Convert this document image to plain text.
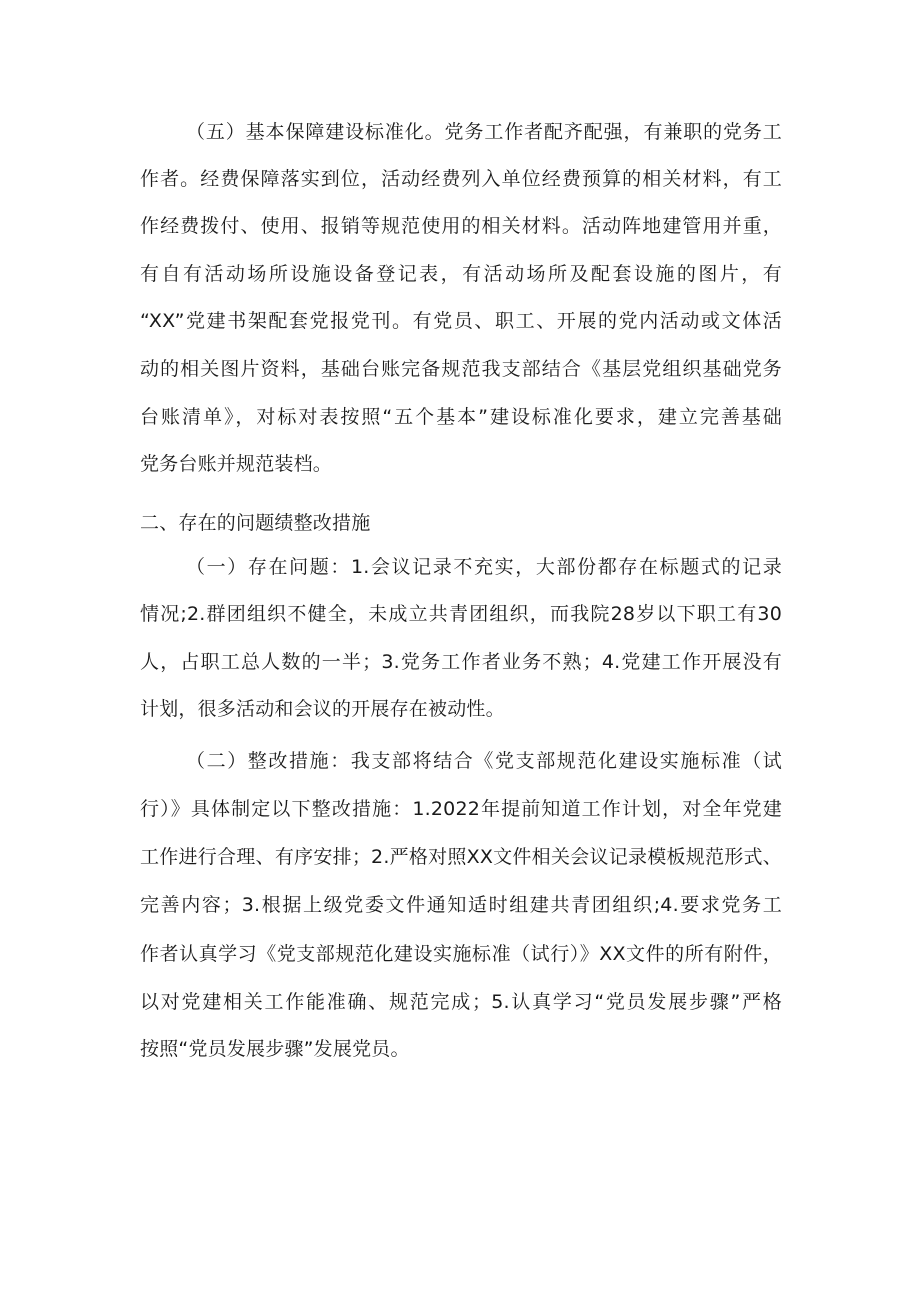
（五）基本保障建设标准化。党务工作者配齐配强，有兼职的党务工
作者。经费保障落实到位，活动经费列入单位经费预算的相关材料，有工
作经费拨付、使用、报销等规范使用的相关材料。活动阵地建管用并重，
有自有活动场所设施设备登记表，有活动场所及配套设施的图片，有
“XX”党建书架配套党报党刊。有党员、职工、开展的党内活动或文体活
动的相关图片资料，基础台账完备规范我支部结合《基层党组织基础党务
台账清单》，对标对表按照“五个基本”建设标准化要求，建立完善基础
党务台账并规范装档。
二、存在的问题绩整改措施
（一）存在问题：1.会议记录不充实，大部份都存在标题式的记录
情况;2.群团组织不健全，未成立共青团组织，而我院28岁以下职工有30
人，占职工总人数的一半；3.党务工作者业务不熟；4.党建工作开展没有
计划，很多活动和会议的开展存在被动性。
（二）整改措施：我支部将结合《党支部规范化建设实施标准（试
行）》具体制定以下整改措施：1.2022年提前知道工作计划，对全年党建
工作进行合理、有序安排；2.严格对照XX文件相关会议记录模板规范形式、
完善内容；3.根据上级党委文件通知适时组建共青团组织;4.要求党务工
作者认真学习《党支部规范化建设实施标准（试行）》XX文件的所有附件，
以对党建相关工作能准确、规范完成；5.认真学习“党员发展步骤”严格
按照“党员发展步骤”发展党员。
